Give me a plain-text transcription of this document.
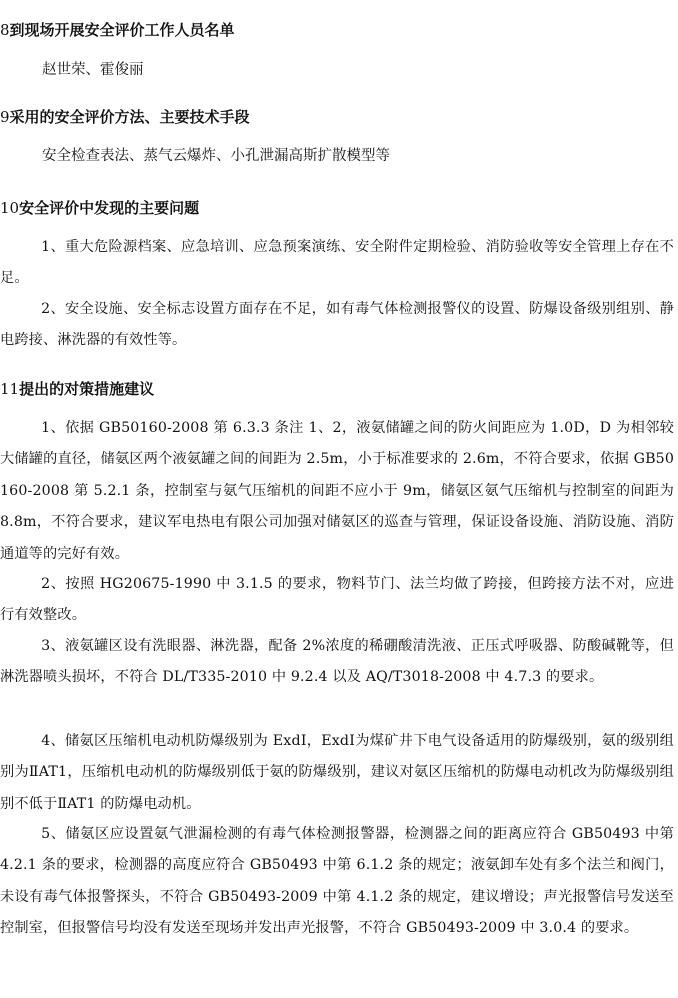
8到现场开展安全评价工作人员名单
赵世荣、霍俊丽
9采用的安全评价方法、主要技术手段
安全检查表法、蒸气云爆炸、小孔泄漏高斯扩散模型等
10安全评价中发现的主要问题
1、重大危险源档案、应急培训、应急预案演练、安全附件定期检验、消防验收等安全管理上存在不足。
2、安全设施、安全标志设置方面存在不足，如有毒气体检测报警仪的设置、防爆设备级别组别、静电跨接、淋洗器的有效性等。
11提出的对策措施建议
1、依据 GB50160-2008 第 6.3.3 条注 1、2，液氨储罐之间的防火间距应为 1.0D，D 为相邻较大储罐的直径，储氨区两个液氨罐之间的间距为 2.5m，小于标准要求的 2.6m，不符合要求，依据 GB50160-2008 第 5.2.1 条，控制室与氨气压缩机的间距不应小于 9m，储氨区氨气压缩机与控制室的间距为 8.8m，不符合要求，建议军电热电有限公司加强对储氨区的巡查与管理，保证设备设施、消防设施、消防通道等的完好有效。
2、按照 HG20675-1990 中 3.1.5 的要求，物料节门、法兰均做了跨接，但跨接方法不对，应进行有效整改。
3、液氨罐区设有洗眼器、淋洗器，配备 2%浓度的稀硼酸清洗液、正压式呼吸器、防酸碱靴等，但淋洗器喷头损坏，不符合 DL/T335-2010 中 9.2.4 以及 AQ/T3018-2008 中 4.7.3 的要求。
4、储氨区压缩机电动机防爆级别为 ExdⅠ，ExdⅠ为煤矿井下电气设备适用的防爆级别，氨的级别组别为ⅡAT1，压缩机电动机的防爆级别低于氨的防爆级别，建议对氨区压缩机的防爆电动机改为防爆级别组别不低于ⅡAT1 的防爆电动机。
5、储氨区应设置氨气泄漏检测的有毒气体检测报警器，检测器之间的距离应符合 GB50493 中第 4.2.1 条的要求，检测器的高度应符合 GB50493 中第 6.1.2 条的规定；液氨卸车处有多个法兰和阀门，未设有毒气体报警探头，不符合 GB50493-2009 中第 4.1.2 条的规定，建议增设；声光报警信号发送至控制室，但报警信号均没有发送至现场并发出声光报警，不符合 GB50493-2009 中 3.0.4 的要求。
